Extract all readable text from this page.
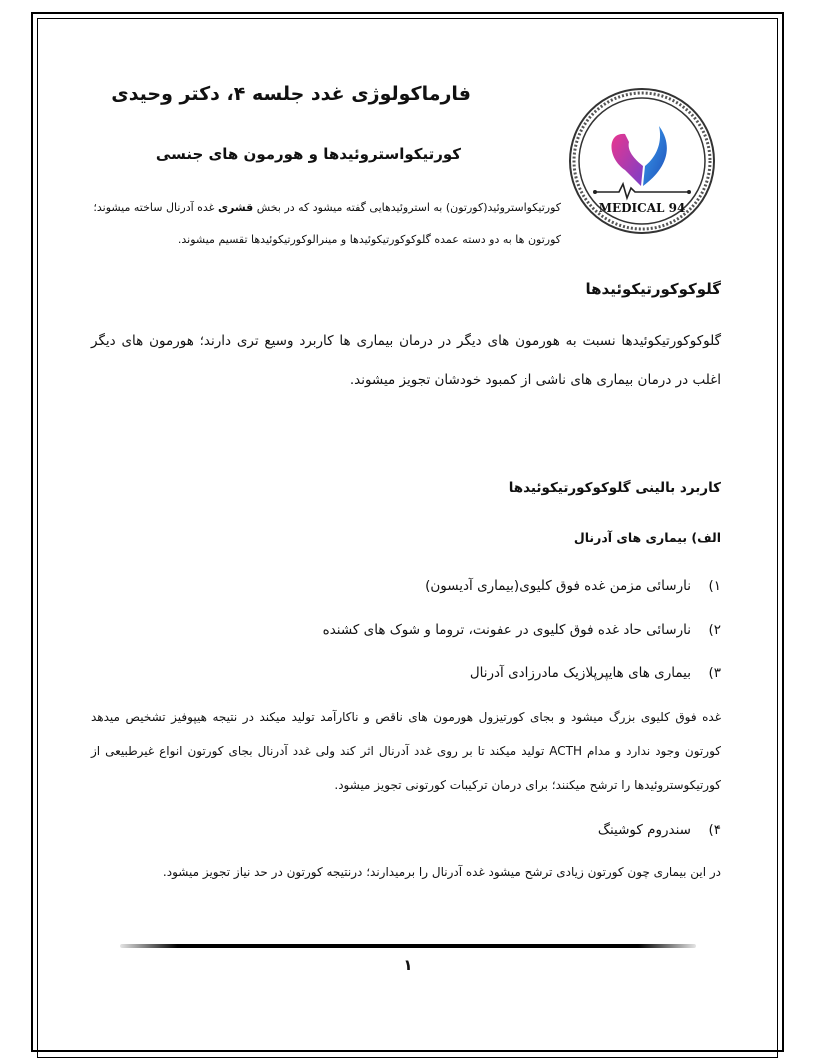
MEDICAL 94
فارماکولوژی غدد جلسه ۴، دکتر وحیدی
کورتیکواستروئیدها و هورمون های جنسی

کورتیکواستروئید(کورتون) به استروئیدهایی گفته میشود که در بخش قشری غده آدرنال ساخته میشوند؛ کورتون ها به دو دسته عمده گلوکوکورتیکوئیدها و مینرالوکورتیکوئیدها تقسیم میشوند.

گلوکوکورتیکوئیدها

گلوکوکورتیکوئیدها نسبت به هورمون های دیگر در درمان بیماری ها کاربرد وسیع تری دارند؛ هورمون های دیگر اغلب در درمان بیماری های ناشی از کمبود خودشان تجویز میشوند.

کاربرد بالینی گلوکوکورتیکوئیدها
الف) بیماری های آدرنال

۱)نارسائی مزمن غده فوق کلیوی(بیماری آدیسون)

۲)نارسائی حاد غده فوق کلیوی در عفونت، تروما و شوک های کشنده

۳)بیماری های هایپرپلازیک مادرزادی آدرنال

غده فوق کلیوی بزرگ میشود و بجای کورتیزول هورمون های ناقص و ناکارآمد تولید میکند در نتیجه هیپوفیز تشخیص میدهد کورتون وجود ندارد و مدام ACTH تولید میکند تا بر روی غدد آدرنال اثر کند ولی غدد آدرنال بجای کورتون انواع غیرطبیعی از کورتیکوستروئیدها را ترشح میکنند؛ برای درمان ترکیبات کورتونی تجویز میشود.

۴)سندروم کوشینگ

در این بیماری چون کورتون زیادی ترشح میشود غده آدرنال را برمیدارند؛ درنتیجه کورتون در حد نیاز تجویز میشود.

۱
